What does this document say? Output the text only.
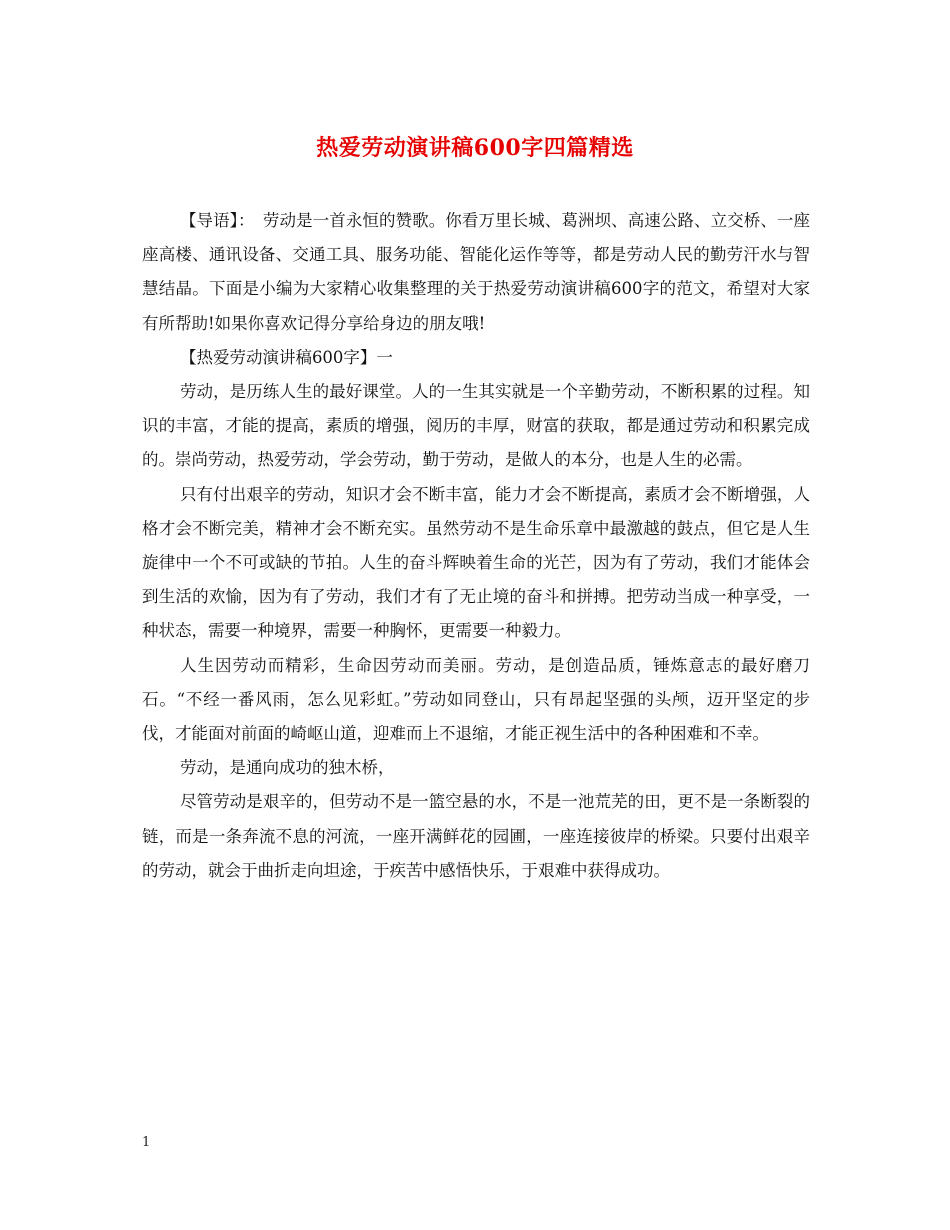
热爱劳动演讲稿600字四篇精选

【导语】：　劳动是一首永恒的赞歌。你看万里长城、葛洲坝、高速公路、立交桥、一座座高楼、通讯设备、交通工具、服务功能、智能化运作等等，都是劳动人民的勤劳汗水与智慧结晶。下面是小编为大家精心收集整理的关于热爱劳动演讲稿600字的范文，希望对大家有所帮助!如果你喜欢记得分享给身边的朋友哦!

【热爱劳动演讲稿600字】一

劳动，是历练人生的最好课堂。人的一生其实就是一个辛勤劳动，不断积累的过程。知识的丰富，才能的提高，素质的增强，阅历的丰厚，财富的获取，都是通过劳动和积累完成的。崇尚劳动，热爱劳动，学会劳动，勤于劳动，是做人的本分，也是人生的必需。

只有付出艰辛的劳动，知识才会不断丰富，能力才会不断提高，素质才会不断增强，人格才会不断完美，精神才会不断充实。虽然劳动不是生命乐章中最激越的鼓点，但它是人生旋律中一个不可或缺的节拍。人生的奋斗辉映着生命的光芒，因为有了劳动，我们才能体会到生活的欢愉，因为有了劳动，我们才有了无止境的奋斗和拼搏。把劳动当成一种享受，一种状态，需要一种境界，需要一种胸怀，更需要一种毅力。

人生因劳动而精彩，生命因劳动而美丽。劳动，是创造品质，锤炼意志的最好磨刀石。“不经一番风雨，怎么见彩虹。”劳动如同登山，只有昂起坚强的头颅，迈开坚定的步伐，才能面对前面的崎岖山道，迎难而上不退缩，才能正视生活中的各种困难和不幸。

劳动，是通向成功的独木桥，

尽管劳动是艰辛的，但劳动不是一篮空悬的水，不是一池荒芜的田，更不是一条断裂的链，而是一条奔流不息的河流，一座开满鲜花的园圃，一座连接彼岸的桥梁。只要付出艰辛的劳动，就会于曲折走向坦途，于疾苦中感悟快乐，于艰难中获得成功。

1
